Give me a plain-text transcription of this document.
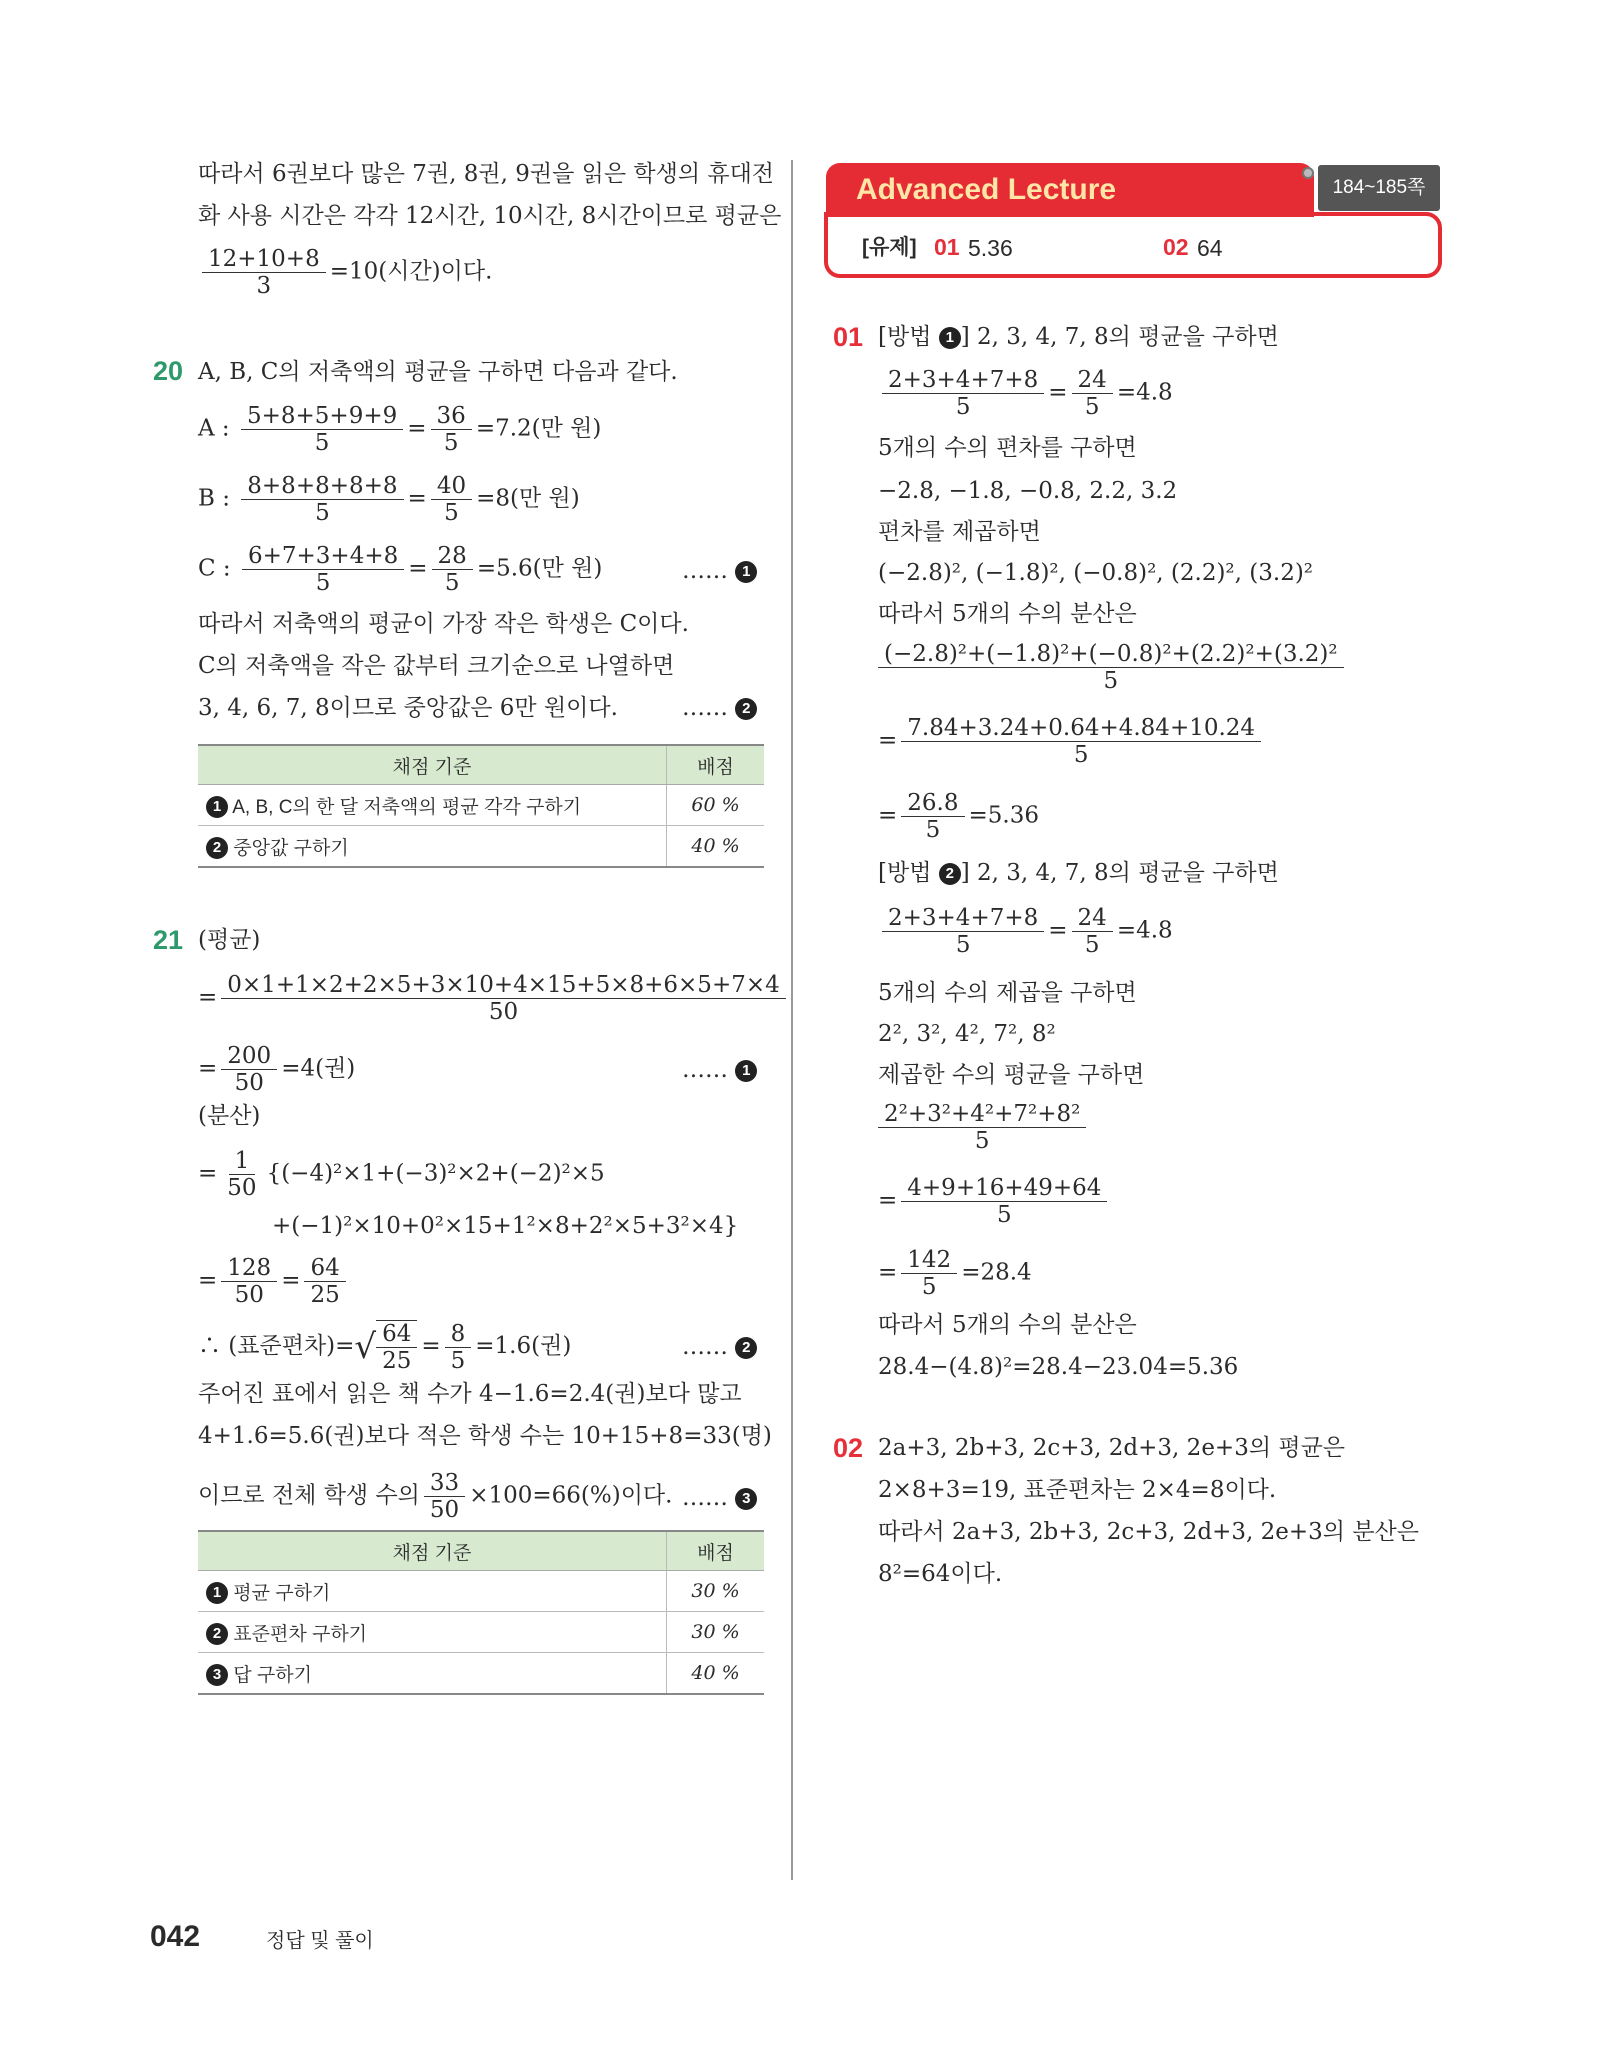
따라서 6권보다 많은 7권, 8권, 9권을 읽은 학생의 휴대전
화 사용 시간은 각각 12시간, 10시간, 8시간이므로 평균은
$\frac{12+10+8}{3} =10$(시간)이다.
20 A, B, C의 저축액의 평균을 구하면 다음과 같다.
A : $\frac{5+8+5+9+9}{5} = \frac{36}{5} =7.2$(만 원)
B : $\frac{8+8+8+8+8}{5} = \frac{40}{5} =8$(만 원)
C : $\frac{6+7+3+4+8}{5} = \frac{28}{5} =5.6$(만 원)	…… 1
따라서 저축액의 평균이 가장 작은 학생은 C이다.
C의 저축액을 작은 값부터 크기순으로 나열하면
3, 4, 6, 7, 8이므로 중앙값은 6만 원이다.	…… 2
채점 기준	배점
1 A, B, C의 한 달 저축액의 평균 각각 구하기	60 %
2 중앙값 구하기	40 %
21 (평균)
= $\frac{0\times 1+1\times 2+2\times 5+3\times 10+4\times 15+5\times 8+6\times 5+7\times 4}{50}$
= $\frac{200}{50} =4$(권)	…… 1
(분산)
= $\frac{1}{50} \{(-4)^2\times 1+(-3)^2\times 2+(-2)^2\times 5$
+(−1)²×10+0²×15+1²×8+2²×5+3²×4}
= $\frac{128}{50} = \frac{64}{25}$
∴ (표준편차)=√ $\frac{64}{25} = \frac{8}{5} =1.6$(권)	…… 2
주어진 표에서 읽은 책 수가 4−1.6=2.4(권)보다 많고
4+1.6=5.6(권)보다 적은 학생 수는 10+15+8=33(명)
이므로 전체 학생 수의 $\frac{33}{50} \times 100=66(\%)$이다. …… 3
채점 기준	배점
1 평균 구하기	30 %
2 표준편차 구하기	30 %
3 답 구하기	40 %
Advanced Lecture	184~185쪽
[유제] 01 5.36	02 64
01 [방법 1 ] 2, 3, 4, 7, 8의 평균을 구하면
$\frac{2+3+4+7+8}{5} = \frac{24}{5} =4.8$
5개의 수의 편차를 구하면
−2.8, −1.8, −0.8, 2.2, 3.2
편차를 제곱하면
(−2.8)², (−1.8)², (−0.8)², (2.2)², (3.2)²
따라서 5개의 수의 분산은
$\frac{\text{(−2.8)²+(−1.8)²+(−0.8)²+(2.2)²+(3.2)²}}{5}$
= $\frac{7.84+3.24+0.64+4.84+10.24}{5}$
= $\frac{26.8}{5} =5.36$
[방법 2 ] 2, 3, 4, 7, 8의 평균을 구하면
$\frac{2+3+4+7+8}{5} = \frac{24}{5} =4.8$
5개의 수의 제곱을 구하면
2², 3², 4², 7², 8²
제곱한 수의 평균을 구하면
$\frac{\text{2²+3²+4²+7²+8²}}{5}$
= $\frac{4+9+16+49+64}{5}$
= $\frac{142}{5} =28.4$
따라서 5개의 수의 분산은
28.4−(4.8)²=28.4−23.04=5.36
02 2a+3, 2b+3, 2c+3, 2d+3, 2e+3의 평균은
2×8+3=19, 표준편차는 2×4=8이다.
따라서 2a+3, 2b+3, 2c+3, 2d+3, 2e+3의 분산은
8²=64이다.
042	정답 및 풀이
